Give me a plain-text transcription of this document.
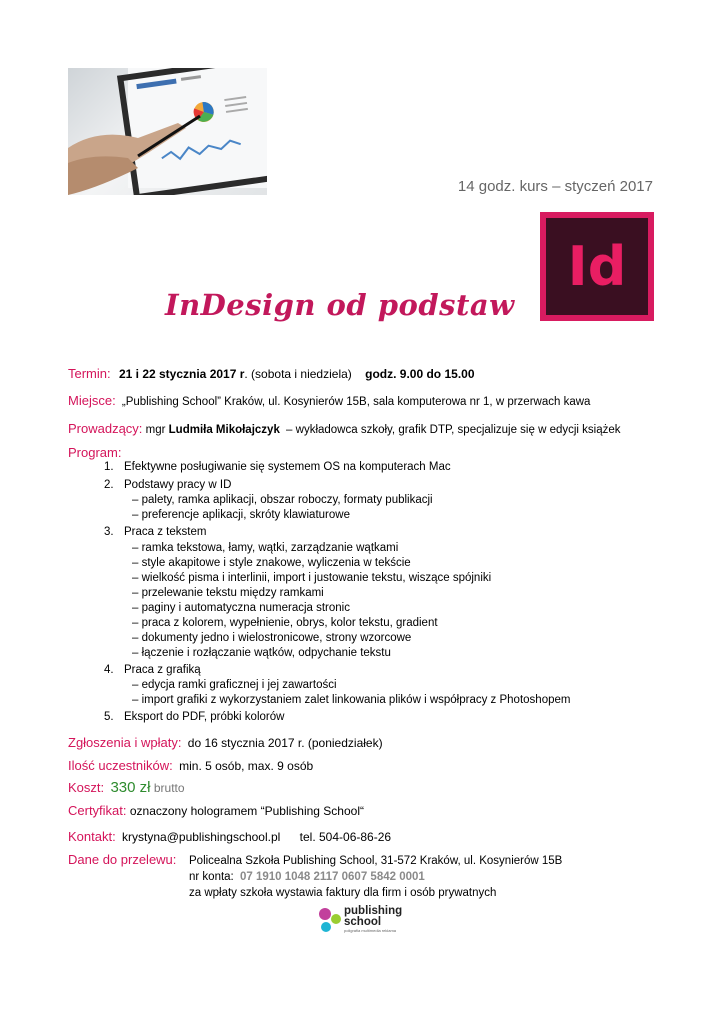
14 godz. kurs – styczeń 2017
Id
InDesign od podstaw
Termin: 21 i 22 stycznia 2017 r. (sobota i niedziela) godz. 9.00 do 15.00
Miejsce: „Publishing School” Kraków, ul. Kosynierów 15B, sala komputerowa nr 1, w przerwach kawa
Prowadzący: mgr Ludmiła Mikołajczyk – wykładowca szkoły, grafik DTP, specjalizuje się w edycji książek
Program:
1. Efektywne posługiwanie się systemem OS na komputerach Mac
2. Podstawy pracy w ID
– palety, ramka aplikacji, obszar roboczy, formaty publikacji
– preferencje aplikacji, skróty klawiaturowe
3. Praca z tekstem
– ramka tekstowa, łamy, wątki, zarządzanie wątkami
– style akapitowe i style znakowe, wyliczenia w tekście
– wielkość pisma i interlinii, import i justowanie tekstu, wiszące spójniki
– przelewanie tekstu między ramkami
– paginy i automatyczna numeracja stronic
– praca z kolorem, wypełnienie, obrys, kolor tekstu, gradient
– dokumenty jedno i wielostronicowe, strony wzorcowe
– łączenie i rozłączanie wątków, odpychanie tekstu
4. Praca z grafiką
– edycja ramki graficznej i jej zawartości
– import grafiki z wykorzystaniem zalet linkowania plików i współpracy z Photoshopem
5. Eksport do PDF, próbki kolorów
Zgłoszenia i wpłaty: do 16 stycznia 2017 r. (poniedziałek)
Ilość uczestników: min. 5 osób, max. 9 osób
Koszt: 330 zł brutto
Certyfikat: oznaczony hologramem “Publishing School“
Kontakt: krystyna@publishingschool.pl tel. 504-06-86-26
Dane do przelewu: Policealna Szkoła Publishing School, 31-572 Kraków, ul. Kosynierów 15B
nr konta: 07 1910 1048 2117 0607 5842 0001
za wpłaty szkoła wystawia faktury dla firm i osób prywatnych
publishing
school
poligrafia multimedia reklama
